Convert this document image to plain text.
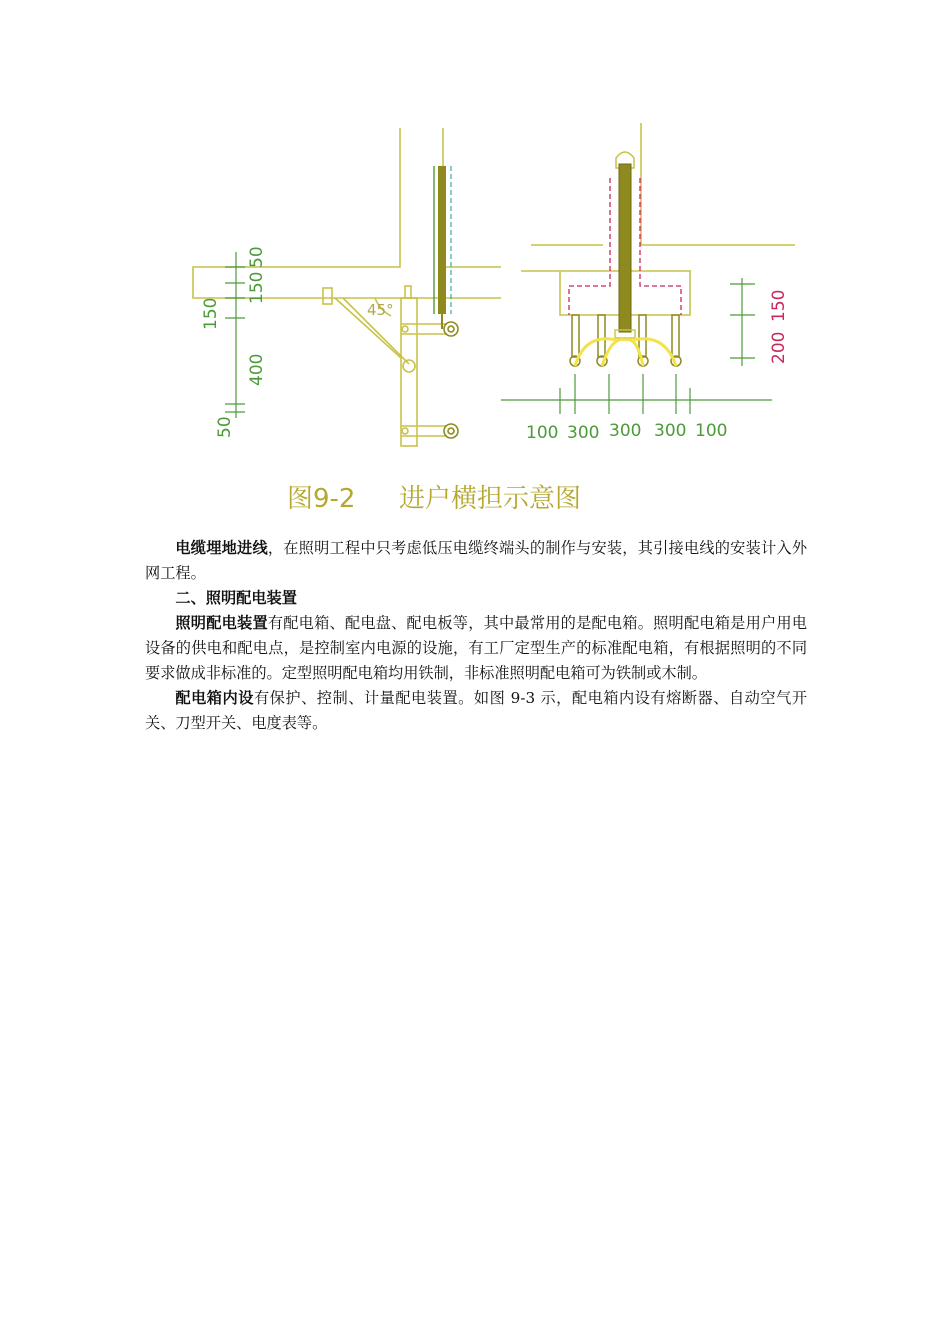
50
150
150
400
50
45°	150
200
100 300 300 300 100
图9-2 进户横担示意图

电缆埋地进线，在照明工程中只考虑低压电缆终端头的制作与安装，其引接电线的安装计入外网工程。

二、照明配电装置

照明配电装置有配电箱、配电盘、配电板等，其中最常用的是配电箱。照明配电箱是用户用电设备的供电和配电点，是控制室内电源的设施，有工厂定型生产的标准配电箱，有根据照明的不同要求做成非标准的。定型照明配电箱均用铁制，非标准照明配电箱可为铁制或木制。

配电箱内设有保护、控制、计量配电装置。如图 9-3 示，配电箱内设有熔断器、自动空气开关、刀型开关、电度表等。
